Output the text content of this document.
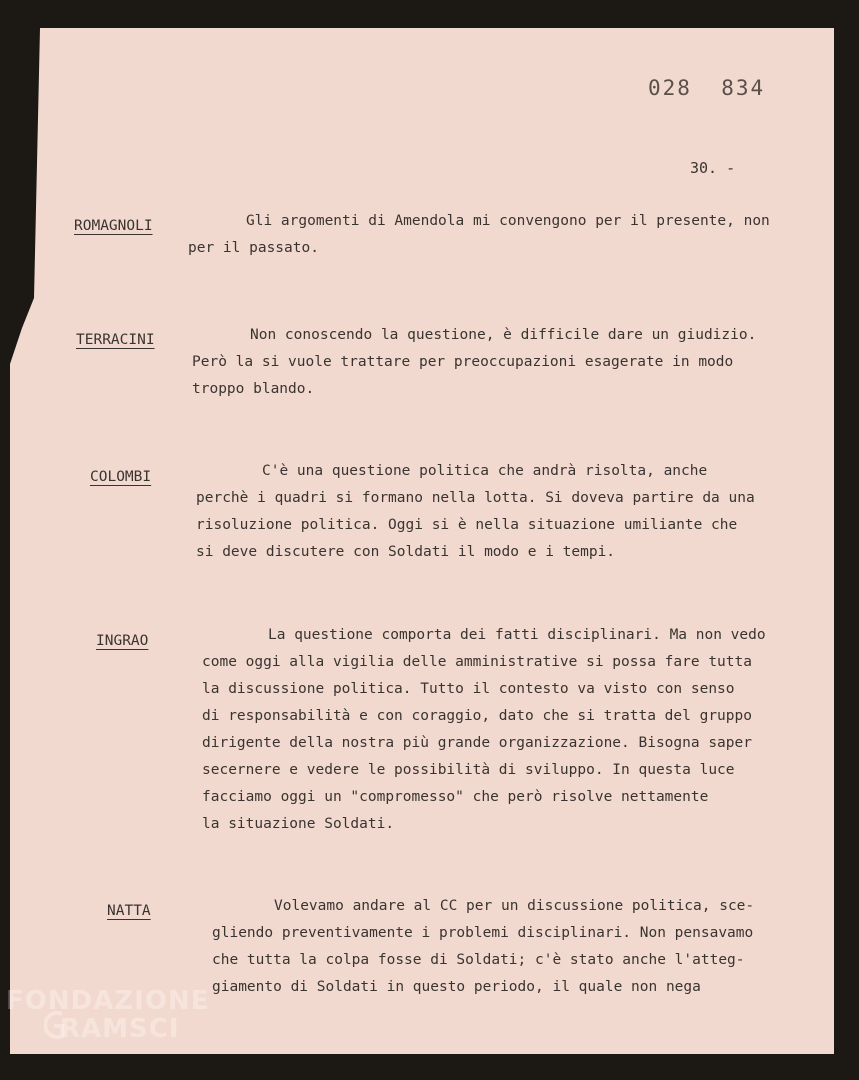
028  834
30. -
ROMAGNOLI	Gli argomenti di Amendola mi convengono per il presente, non
per il passato.
TERRACINI	Non conoscendo la questione, è difficile dare un giudizio.
Però la si vuole trattare per preoccupazioni esagerate in modo
troppo blando.
COLOMBI	C'è una questione politica che andrà risolta, anche
perchè i quadri si formano nella lotta. Si doveva partire da una
risoluzione politica. Oggi si è nella situazione umiliante che
si deve discutere con Soldati il modo e i tempi.
INGRAO	La questione comporta dei fatti disciplinari. Ma non vedo
come oggi alla vigilia delle amministrative si possa fare tutta
la discussione politica. Tutto il contesto va visto con senso
di responsabilità e con coraggio, dato che si tratta del gruppo
dirigente della nostra più grande organizzazione. Bisogna saper
secernere e vedere le possibilità di sviluppo. In questa luce
facciamo oggi un "compromesso" che però risolve nettamente
la situazione Soldati.
NATTA	Volevamo andare al CC per un discussione politica, sce-
gliendo preventivamente i problemi disciplinari. Non pensavamo
che tutta la colpa fosse di Soldati; c'è stato anche l'atteg-
giamento di Soldati in questo periodo, il quale non nega
FONDAZIONE
RAMSCI
